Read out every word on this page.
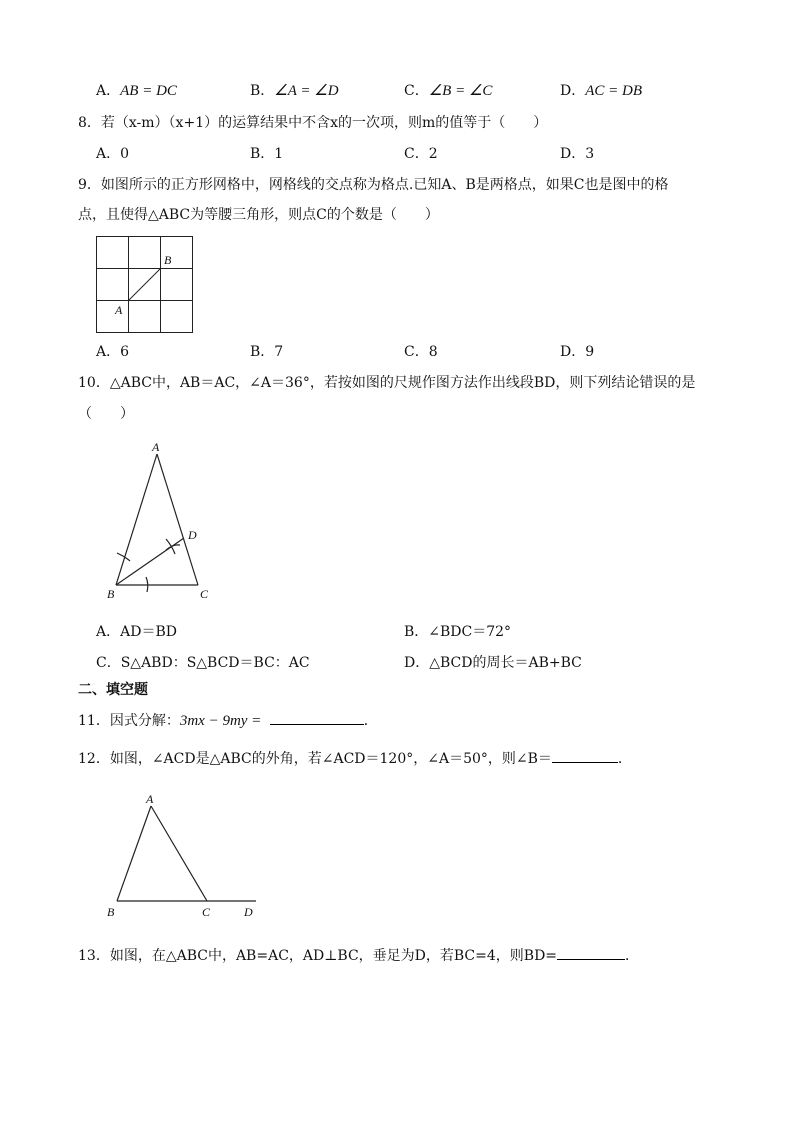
A．AB = DC	B．∠A = ∠D	C．∠B = ∠C	D．AC = DB
8．若（x-m）（x+1）的运算结果中不含x的一次项，则m的值等于（　　）
A．0	B．1	C．2	D．3
9．如图所示的正方形网格中，网格线的交点称为格点.已知A、B是两格点，如果C也是图中的格
点，且使得△ABC为等腰三角形，则点C的个数是（　　）
B
A
A．6	B．7	C．8	D．9
10．△ABC中，AB＝AC，∠A＝36°，若按如图的尺规作图方法作出线段BD，则下列结论错误的是
（　　）
A
D
B	C
A．AD＝BD	B．∠BDC＝72°
C．S△ABD：S△BCD＝BC：AC	D．△BCD的周长＝AB+BC
二、填空题
11．因式分解：3mx − 9my =	．
12．如图，∠ACD是△ABC的外角，若∠ACD＝120°，∠A＝50°，则∠B＝	．
A
B	C	D
13．如图，在△ABC中，AB=AC，AD⊥BC，垂足为D，若BC=4，则BD=	．
